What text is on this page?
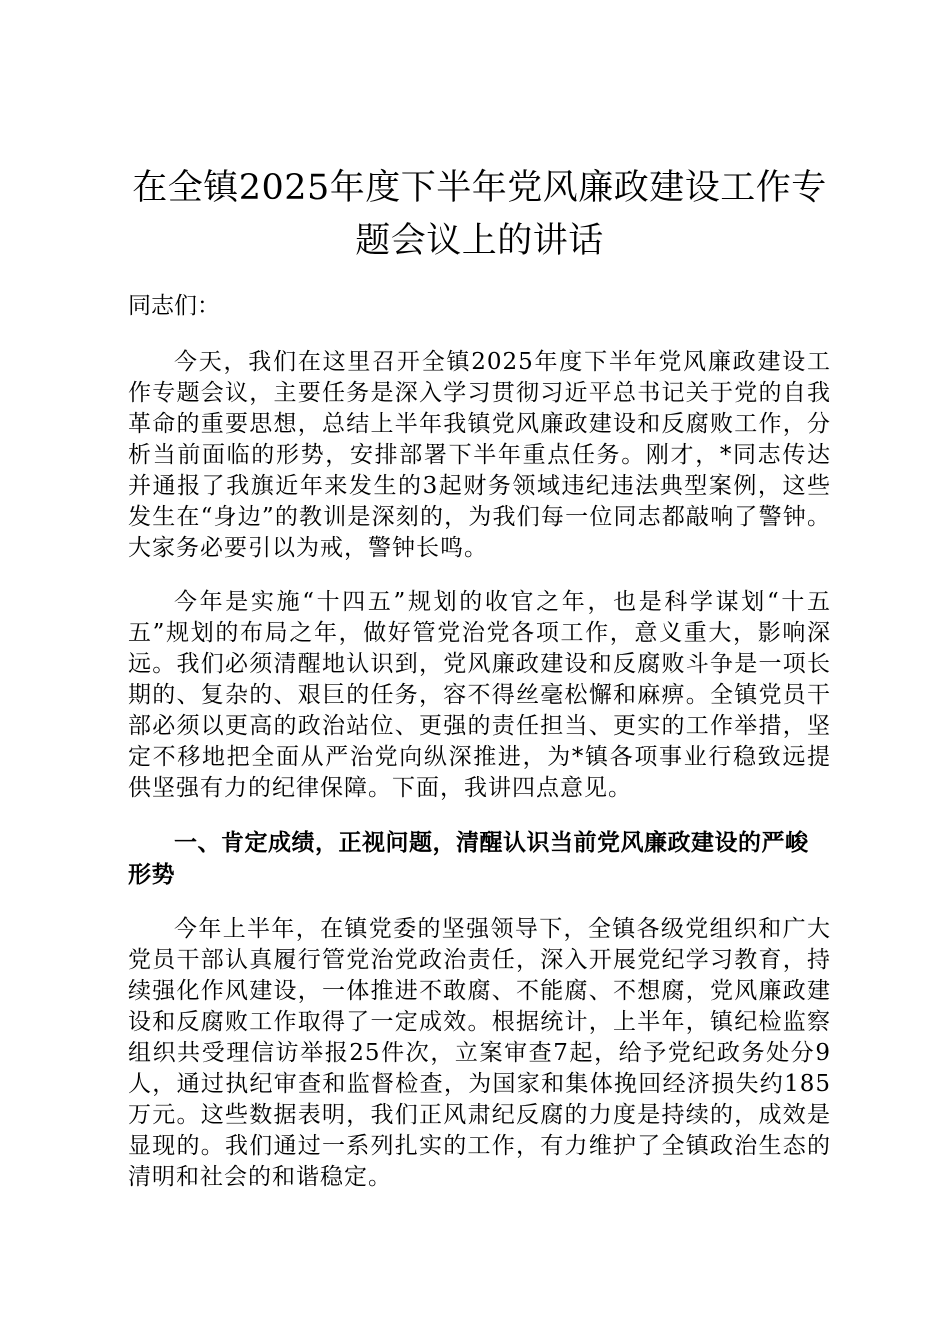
在全镇2025年度下半年党风廉政建设工作专题会议上的讲话

同志们：

今天，我们在这里召开全镇2025年度下半年党风廉政建设工作专题会议，主要任务是深入学习贯彻习近平总书记关于党的自我革命的重要思想，总结上半年我镇党风廉政建设和反腐败工作，分析当前面临的形势，安排部署下半年重点任务。刚才，*同志传达并通报了我旗近年来发生的3起财务领域违纪违法典型案例，这些发生在“身边”的教训是深刻的，为我们每一位同志都敲响了警钟。大家务必要引以为戒，警钟长鸣。

今年是实施“十四五”规划的收官之年，也是科学谋划“十五五”规划的布局之年，做好管党治党各项工作，意义重大，影响深远。我们必须清醒地认识到，党风廉政建设和反腐败斗争是一项长期的、复杂的、艰巨的任务，容不得丝毫松懈和麻痹。全镇党员干部必须以更高的政治站位、更强的责任担当、更实的工作举措，坚定不移地把全面从严治党向纵深推进，为*镇各项事业行稳致远提供坚强有力的纪律保障。下面，我讲四点意见。

一、肯定成绩，正视问题，清醒认识当前党风廉政建设的严峻形势

今年上半年，在镇党委的坚强领导下，全镇各级党组织和广大党员干部认真履行管党治党政治责任，深入开展党纪学习教育，持续强化作风建设，一体推进不敢腐、不能腐、不想腐，党风廉政建设和反腐败工作取得了一定成效。根据统计，上半年，镇纪检监察组织共受理信访举报25件次，立案审查7起，给予党纪政务处分9人，通过执纪审查和监督检查，为国家和集体挽回经济损失约185万元。这些数据表明，我们正风肃纪反腐的力度是持续的，成效是显现的。我们通过一系列扎实的工作，有力维护了全镇政治生态的清明和社会的和谐稳定。
